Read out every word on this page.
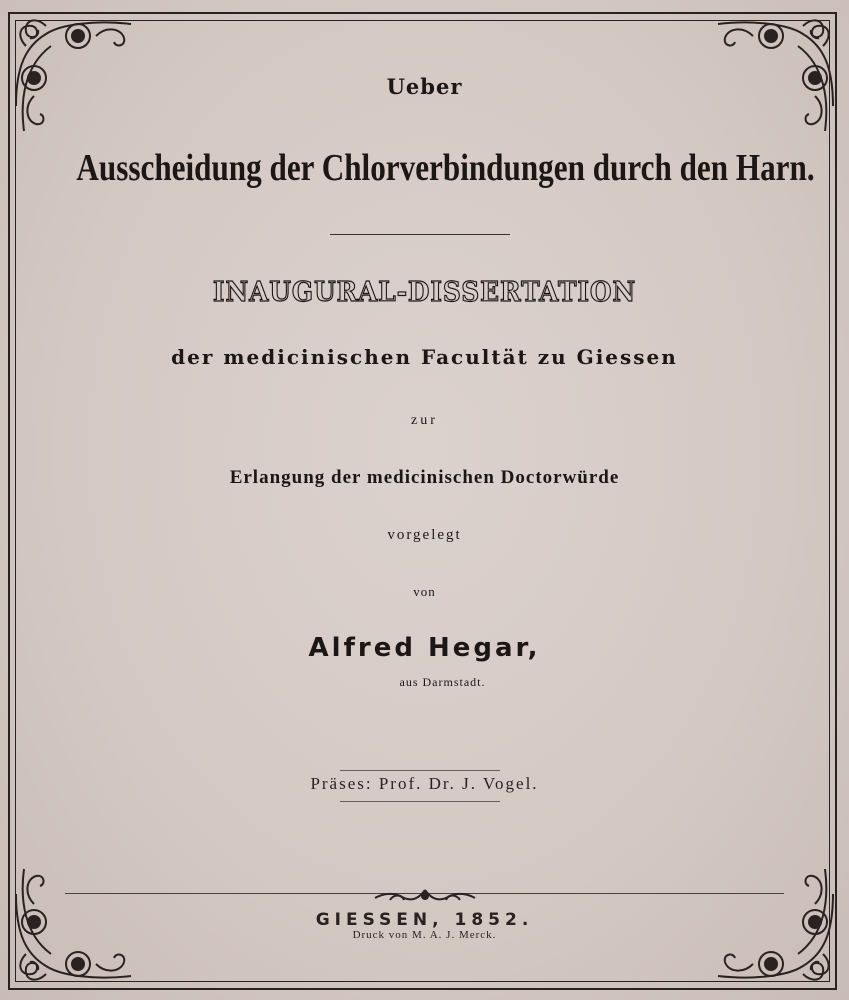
Ueber
Ausscheidung der Chlorverbindungen durch den Harn.
INAUGURAL-DISSERTATION
der medicinischen Facultät zu Giessen
zur
Erlangung der medicinischen Doctorwürde
vorgelegt
von
Alfred Hegar,
aus Darmstadt.
Präses: Prof. Dr. J. Vogel.
GIESSEN, 1852.
Druck von M. A. J. Merck.
